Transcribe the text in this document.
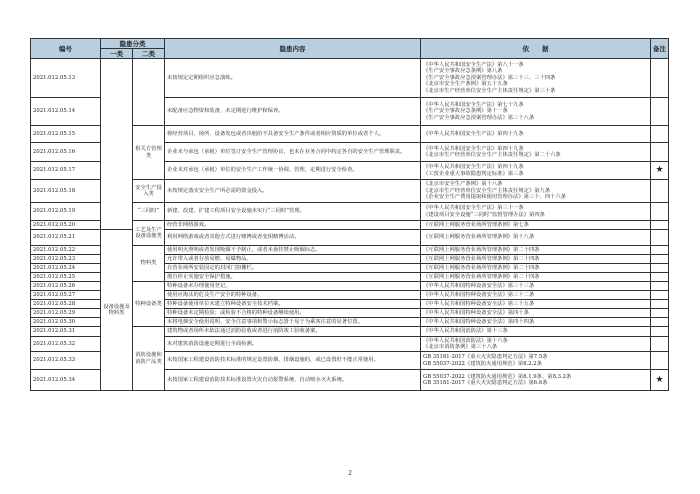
编号	隐患分类		隐患内容	依　　据	备注
	一类	二类			
2021.012.05.13			未按规定定期组织应急演练。	《中华人民共和国安全生产法》第八十一条
《生产安全事故应急条例》第八条
《生产安全事故应急预案管理办法》第三十三、三十四条
《北京市安全生产条例》第五十五条
《北京市生产经营单位安全生产主体责任规定》第三十条	

2021.012.05.14			未配备应急物资和装备，未定期进行维护和保养。	《中华人民共和国安全生产法》第七十九条
《生产安全事故应急条例》第十一条
《生产安全事故应急预案管理办法》第三十八条	

2021.012.05.15		相关方管理类	将经营项目、场所、设备发包或者出租给不具备安全生产条件或者相应资质的单位或者个人。	《中华人民共和国安全生产法》第四十九条	

2021.012.05.16			企业未与承包（承租）单位签订安全生产管理协议，也未在业务合同中约定各自的安全生产管理职责。	《中华人民共和国安全生产法》第四十九条
《北京市生产经营单位安全生产主体责任规定》第二十六条	

2021.012.05.17			企业未对承包（承租）单位的安全生产工作统一协调、管理，定期进行安全检查。	《中华人民共和国安全生产法》第四十九条
《工贸企业重大事故隐患判定标准》第三条	★
2021.012.05.18		安全生产投入类	未按规定落实安全生产所必需的资金投入。	《北京市安全生产条例》第十八条
《北京市生产经营单位安全生产主体责任规定》第九条
《企业安全生产费用提取和使用管理办法》第三十、四十六条	

2021.012.05.19		“三同时”	新建、改建、扩建工程项目安全设施未实行“三同时”管理。	《中华人民共和国安全生产法》第三十一条
《建设项目安全设施“三同时”监督管理办法》第四条	

2021.012.05.20		工艺及生产设备设施类	经营非网络游戏。	《互联网上网服务营业场所管理条例》第七条	

2021.012.05.21	设备设施及物料类		利用网络游戏或者其他方式进行赌博或者变相赌博活动。	《互联网上网服务营业场所管理条例》第十八条	

2021.012.05.22		物料类	使用明火照明或者发现吸烟不予制止，或者未悬挂禁止吸烟标志。	《互联网上网服务营业场所管理条例》第二十四条	

2021.012.05.23			允许带入或者存放易燃、易爆物品。	《互联网上网服务营业场所管理条例》第二十四条	

2021.012.05.24			在营业场所安装固定的封闭门窗栅栏。	《互联网上网服务营业场所管理条例》第二十四条	

2021.012.05.25			擅自停止实施安全保护措施。	《互联网上网服务营业场所管理条例》第二十四条	

2021.012.05.26		特种设备类	特种设备未办理使用登记。	《中华人民共和国特种设备安全法》第三十三条	

2021.012.05.27			使用应淘汰的危及生产安全的特种设备。	《中华人民共和国特种设备安全法》第三十二条	

2021.012.05.28			特种设备使用单位未建立特种设备安全技术档案。	《中华人民共和国特种设备安全法》第三十五条	

2021.012.05.29			特种设备未定期检验；或检验不合格的特种设备继续使用。	《中华人民共和国特种设备安全法》第四十条	

2021.012.05.30			未将电梯安全使用说明、安全注意事项和警示标志置于易于为乘客注意的显著位置。	《中华人民共和国特种设备安全法》第四十四条	

2021.012.05.31		消防设施和消防产品类	建筑物或者场所未依法通过消防验收或者进行消防竣工验收备案。	《中华人民共和国消防法》第十三条	

2021.012.05.32			未对建筑消防设施定期进行全面检测。	《中华人民共和国消防法》第十六条
《北京市消防条例》第三十八条	

2021.012.05.33			未按国家工程建设消防技术标准的规定设置防烟、排烟设施的，或已设置但不能正常使用。	GB 35181-2017《重大火灾隐患判定方法》第7.5条
GB 55037-2022《建筑防火通用规范》第8.2.2条	

2021.012.05.34			未按国家工程建设消防技术标准设置火灾自动报警系统、自动喷水灭火系统。	GB 55037-2022《建筑防火通用规范》第8.1.9条、第8.3.2条
GB 35181-2017《重大火灾隐患判定方法》第6.6条	★
2
